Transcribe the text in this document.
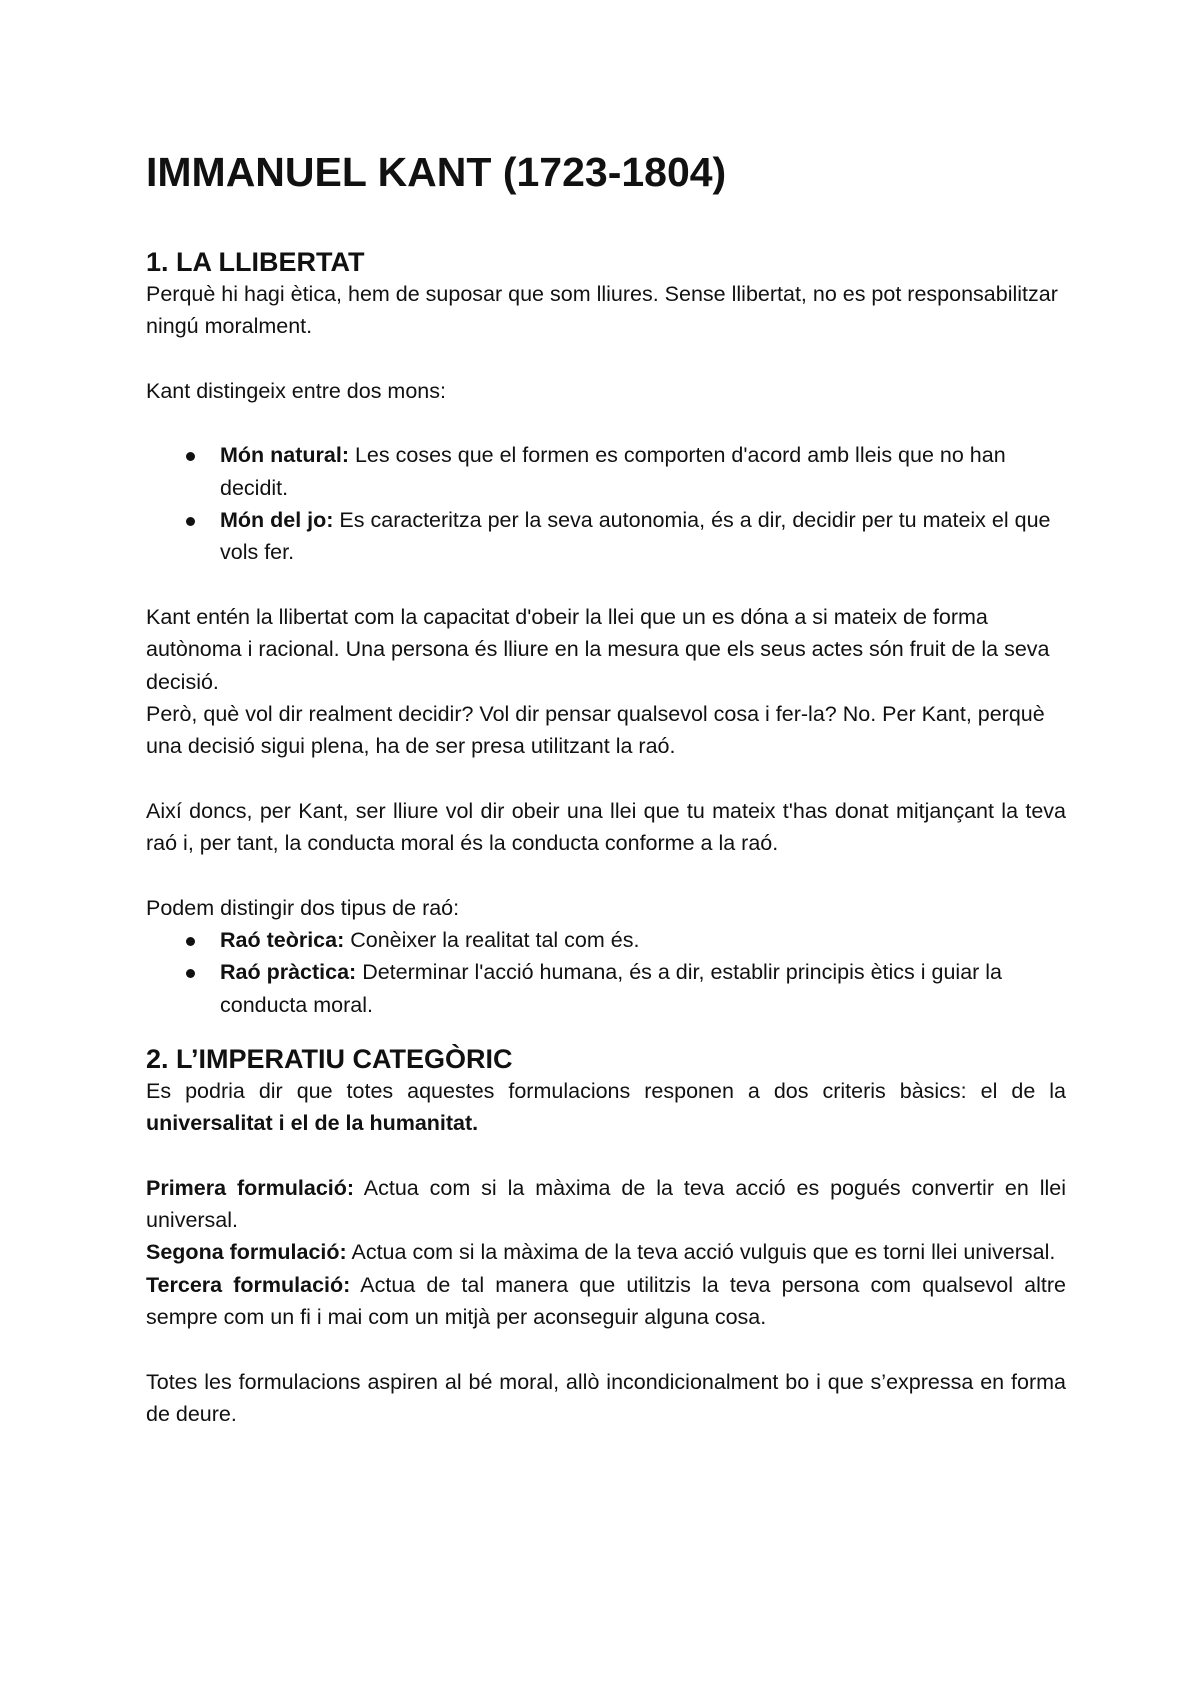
IMMANUEL KANT (1723-1804)
1. LA LLIBERTAT

Perquè hi hagi ètica, hem de suposar que som lliures. Sense llibertat, no es pot responsabilitzar ningú moralment.

Kant distingeix entre dos mons:

Món natural: Les coses que el formen es comporten d'acord amb lleis que no han decidit.
Món del jo: Es caracteritza per la seva autonomia, és a dir, decidir per tu mateix el que vols fer.

Kant entén la llibertat com la capacitat d'obeir la llei que un es dóna a si mateix de forma autònoma i racional. Una persona és lliure en la mesura que els seus actes són fruit de la seva decisió.

Però, què vol dir realment decidir? Vol dir pensar qualsevol cosa i fer-la? No. Per Kant, perquè una decisió sigui plena, ha de ser presa utilitzant la raó.

Així doncs, per Kant, ser lliure vol dir obeir una llei que tu mateix t'has donat mitjançant la teva raó i, per tant, la conducta moral és la conducta conforme a la raó.

Podem distingir dos tipus de raó:

Raó teòrica: Conèixer la realitat tal com és.
Raó pràctica: Determinar l'acció humana, és a dir, establir principis ètics i guiar la conducta moral.
2. L’IMPERATIU CATEGÒRIC

Es podria dir que totes aquestes formulacions responen a dos criteris bàsics: el de la universalitat i el de la humanitat.

Primera formulació: Actua com si la màxima de la teva acció es pogués convertir en llei universal.

Segona formulació: Actua com si la màxima de la teva acció vulguis que es torni llei universal.

Tercera formulació: Actua de tal manera que utilitzis la teva persona com qualsevol altre sempre com un fi i mai com un mitjà per aconseguir alguna cosa.

Totes les formulacions aspiren al bé moral, allò incondicionalment bo i que s’expressa en forma de deure.
